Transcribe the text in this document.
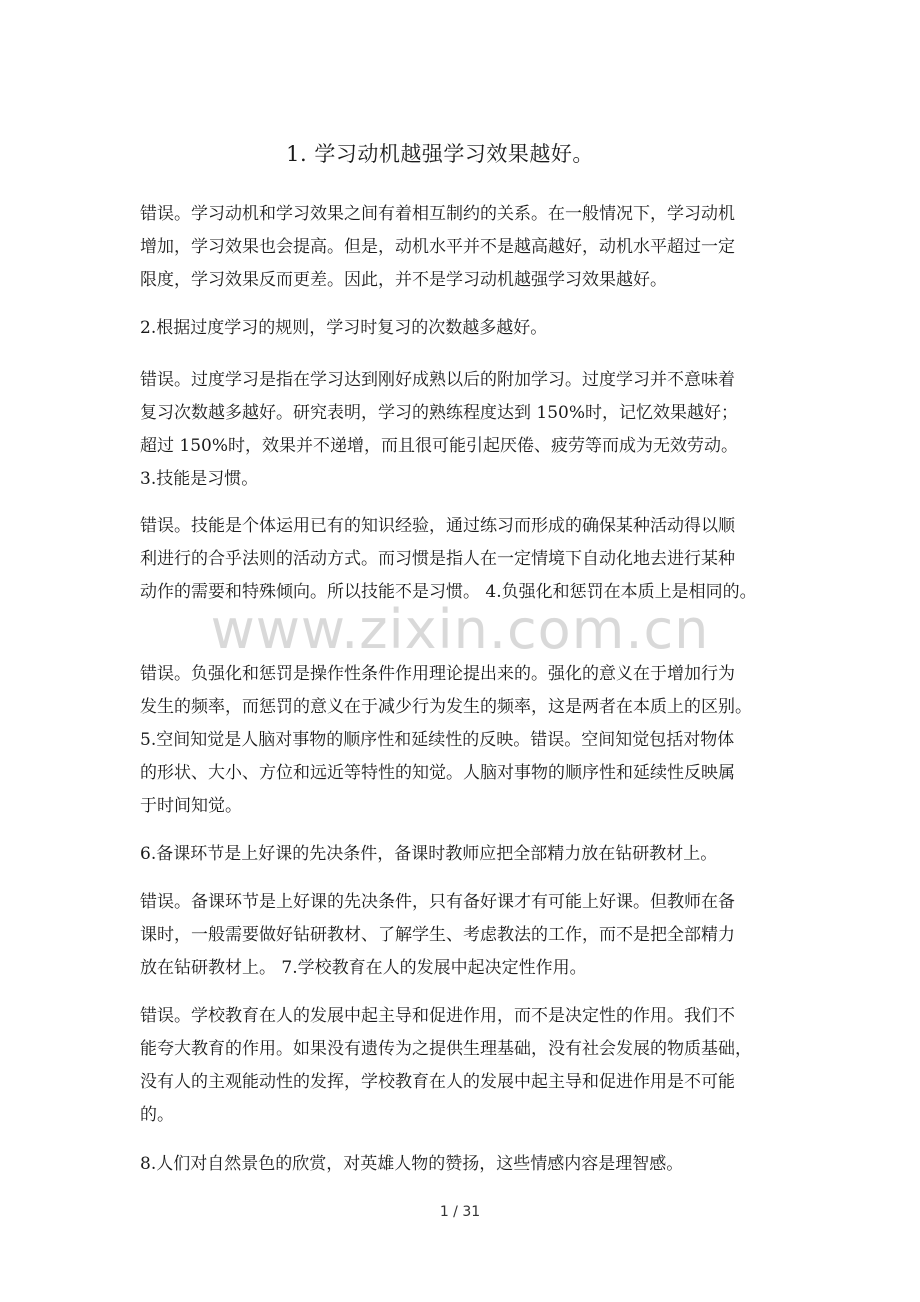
1. 学习动机越强学习效果越好。
错误。学习动机和学习效果之间有着相互制约的关系。在一般情况下，学习动机
增加，学习效果也会提高。但是，动机水平并不是越高越好，动机水平超过一定
限度，学习效果反而更差。因此，并不是学习动机越强学习效果越好。
2.根据过度学习的规则，学习时复习的次数越多越好。
错误。过度学习是指在学习达到刚好成熟以后的附加学习。过度学习并不意味着
复习次数越多越好。研究表明，学习的熟练程度达到 150%时，记忆效果越好；
超过 150%时，效果并不递增，而且很可能引起厌倦、疲劳等而成为无效劳动。
3.技能是习惯。
错误。技能是个体运用已有的知识经验，通过练习而形成的确保某种活动得以顺
利进行的合乎法则的活动方式。而习惯是指人在一定情境下自动化地去进行某种
动作的需要和特殊倾向。所以技能不是习惯。 4.负强化和惩罚在本质上是相同的。
错误。负强化和惩罚是操作性条件作用理论提出来的。强化的意义在于增加行为
发生的频率，而惩罚的意义在于减少行为发生的频率，这是两者在本质上的区别。
5.空间知觉是人脑对事物的顺序性和延续性的反映。错误。空间知觉包括对物体
的形状、大小、方位和远近等特性的知觉。人脑对事物的顺序性和延续性反映属
于时间知觉。
6.备课环节是上好课的先决条件，备课时教师应把全部精力放在钻研教材上。
错误。备课环节是上好课的先决条件，只有备好课才有可能上好课。但教师在备
课时，一般需要做好钻研教材、了解学生、考虑教法的工作，而不是把全部精力
放在钻研教材上。 7.学校教育在人的发展中起决定性作用。
错误。学校教育在人的发展中起主导和促进作用，而不是决定性的作用。我们不
能夸大教育的作用。如果没有遗传为之提供生理基础，没有社会发展的物质基础，
没有人的主观能动性的发挥，学校教育在人的发展中起主导和促进作用是不可能
的。
8.人们对自然景色的欣赏，对英雄人物的赞扬，这些情感内容是理智感。
www.zixin.com.cn
1 / 31
